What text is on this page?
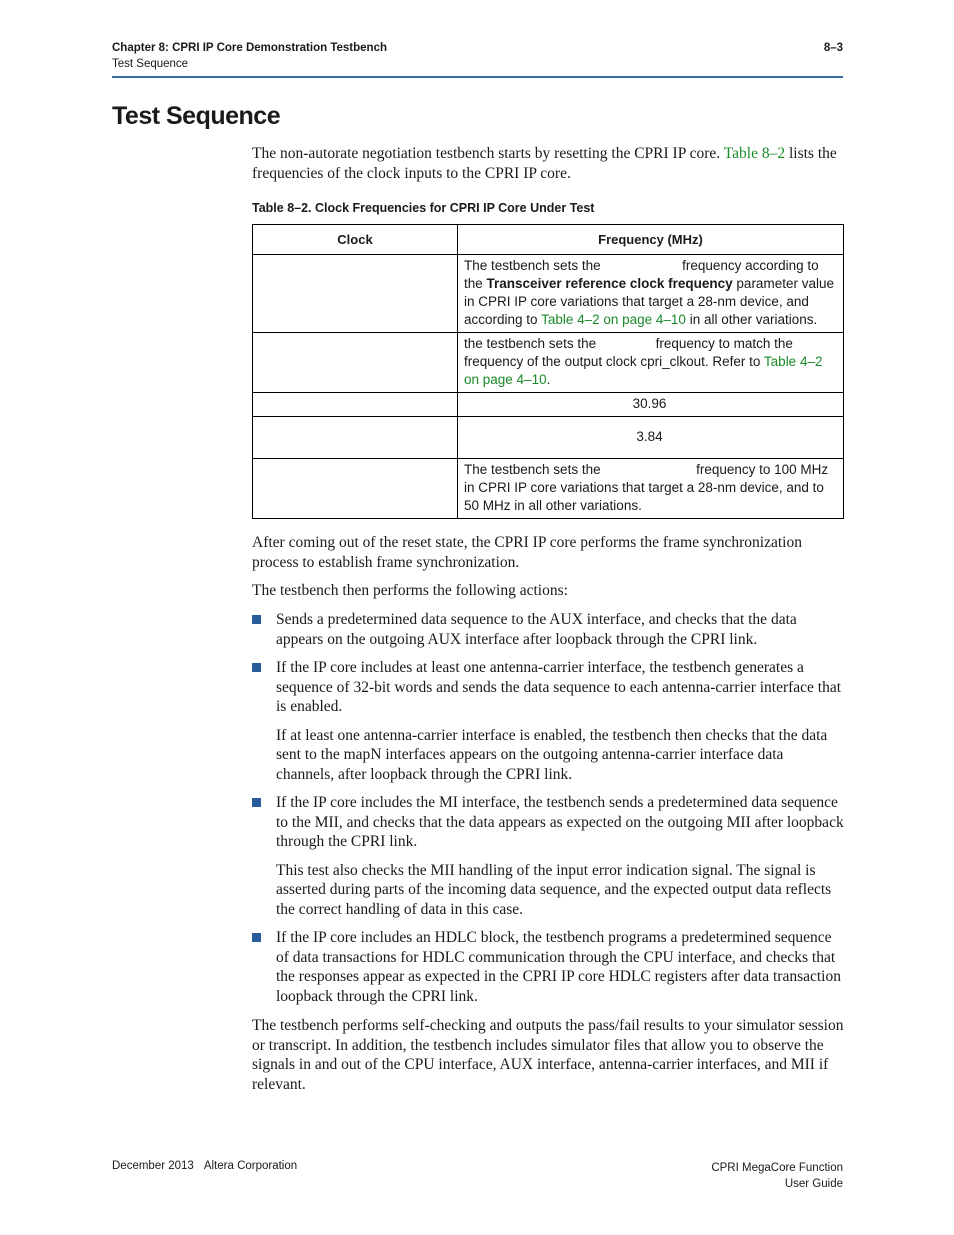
Chapter 8: CPRI IP Core Demonstration Testbench	8–3
Test Sequence
Test Sequence

The non-autorate negotiation testbench starts by resetting the CPRI IP core. Table 8–2 lists the frequencies of the clock inputs to the CPRI IP core.

Table 8–2. Clock Frequencies for CPRI IP Core Under Test
Clock	Frequency (MHz)
	The testbench sets the frequency according to the Transceiver reference clock frequency parameter value in CPRI IP core variations that target a 28-nm device, and according to Table 4–2 on page 4–10 in all other variations.
	the testbench sets the frequency to match the frequency of the output clock cpri_clkout. Refer to Table 4–2 on page 4–10.
	30.96
	3.84
	The testbench sets the frequency to 100 MHz in CPRI IP core variations that target a 28-nm device, and to 50 MHz in all other variations.

After coming out of the reset state, the CPRI IP core performs the frame synchronization process to establish frame synchronization.

The testbench then performs the following actions:

Sends a predetermined data sequence to the AUX interface, and checks that the data appears on the outgoing AUX interface after loopback through the CPRI link.

If the IP core includes at least one antenna-carrier interface, the testbench generates a sequence of 32-bit words and sends the data sequence to each antenna-carrier interface that is enabled.

If at least one antenna-carrier interface is enabled, the testbench then checks that the data sent to the mapN interfaces appears on the outgoing antenna-carrier interface data channels, after loopback through the CPRI link.

If the IP core includes the MI interface, the testbench sends a predetermined data sequence to the MII, and checks that the data appears as expected on the outgoing MII after loopback through the CPRI link.

This test also checks the MII handling of the input error indication signal. The signal is asserted during parts of the incoming data sequence, and the expected output data reflects the correct handling of data in this case.

If the IP core includes an HDLC block, the testbench programs a predetermined sequence of data transactions for HDLC communication through the CPU interface, and checks that the responses appear as expected in the CPRI IP core HDLC registers after data transaction loopback through the CPRI link.

The testbench performs self-checking and outputs the pass/fail results to your simulator session or transcript. In addition, the testbench includes simulator files that allow you to observe the signals in and out of the CPU interface, AUX interface, antenna-carrier interfaces, and MII if relevant.

December 2013 Altera Corporation	CPRI MegaCore Function
User Guide
